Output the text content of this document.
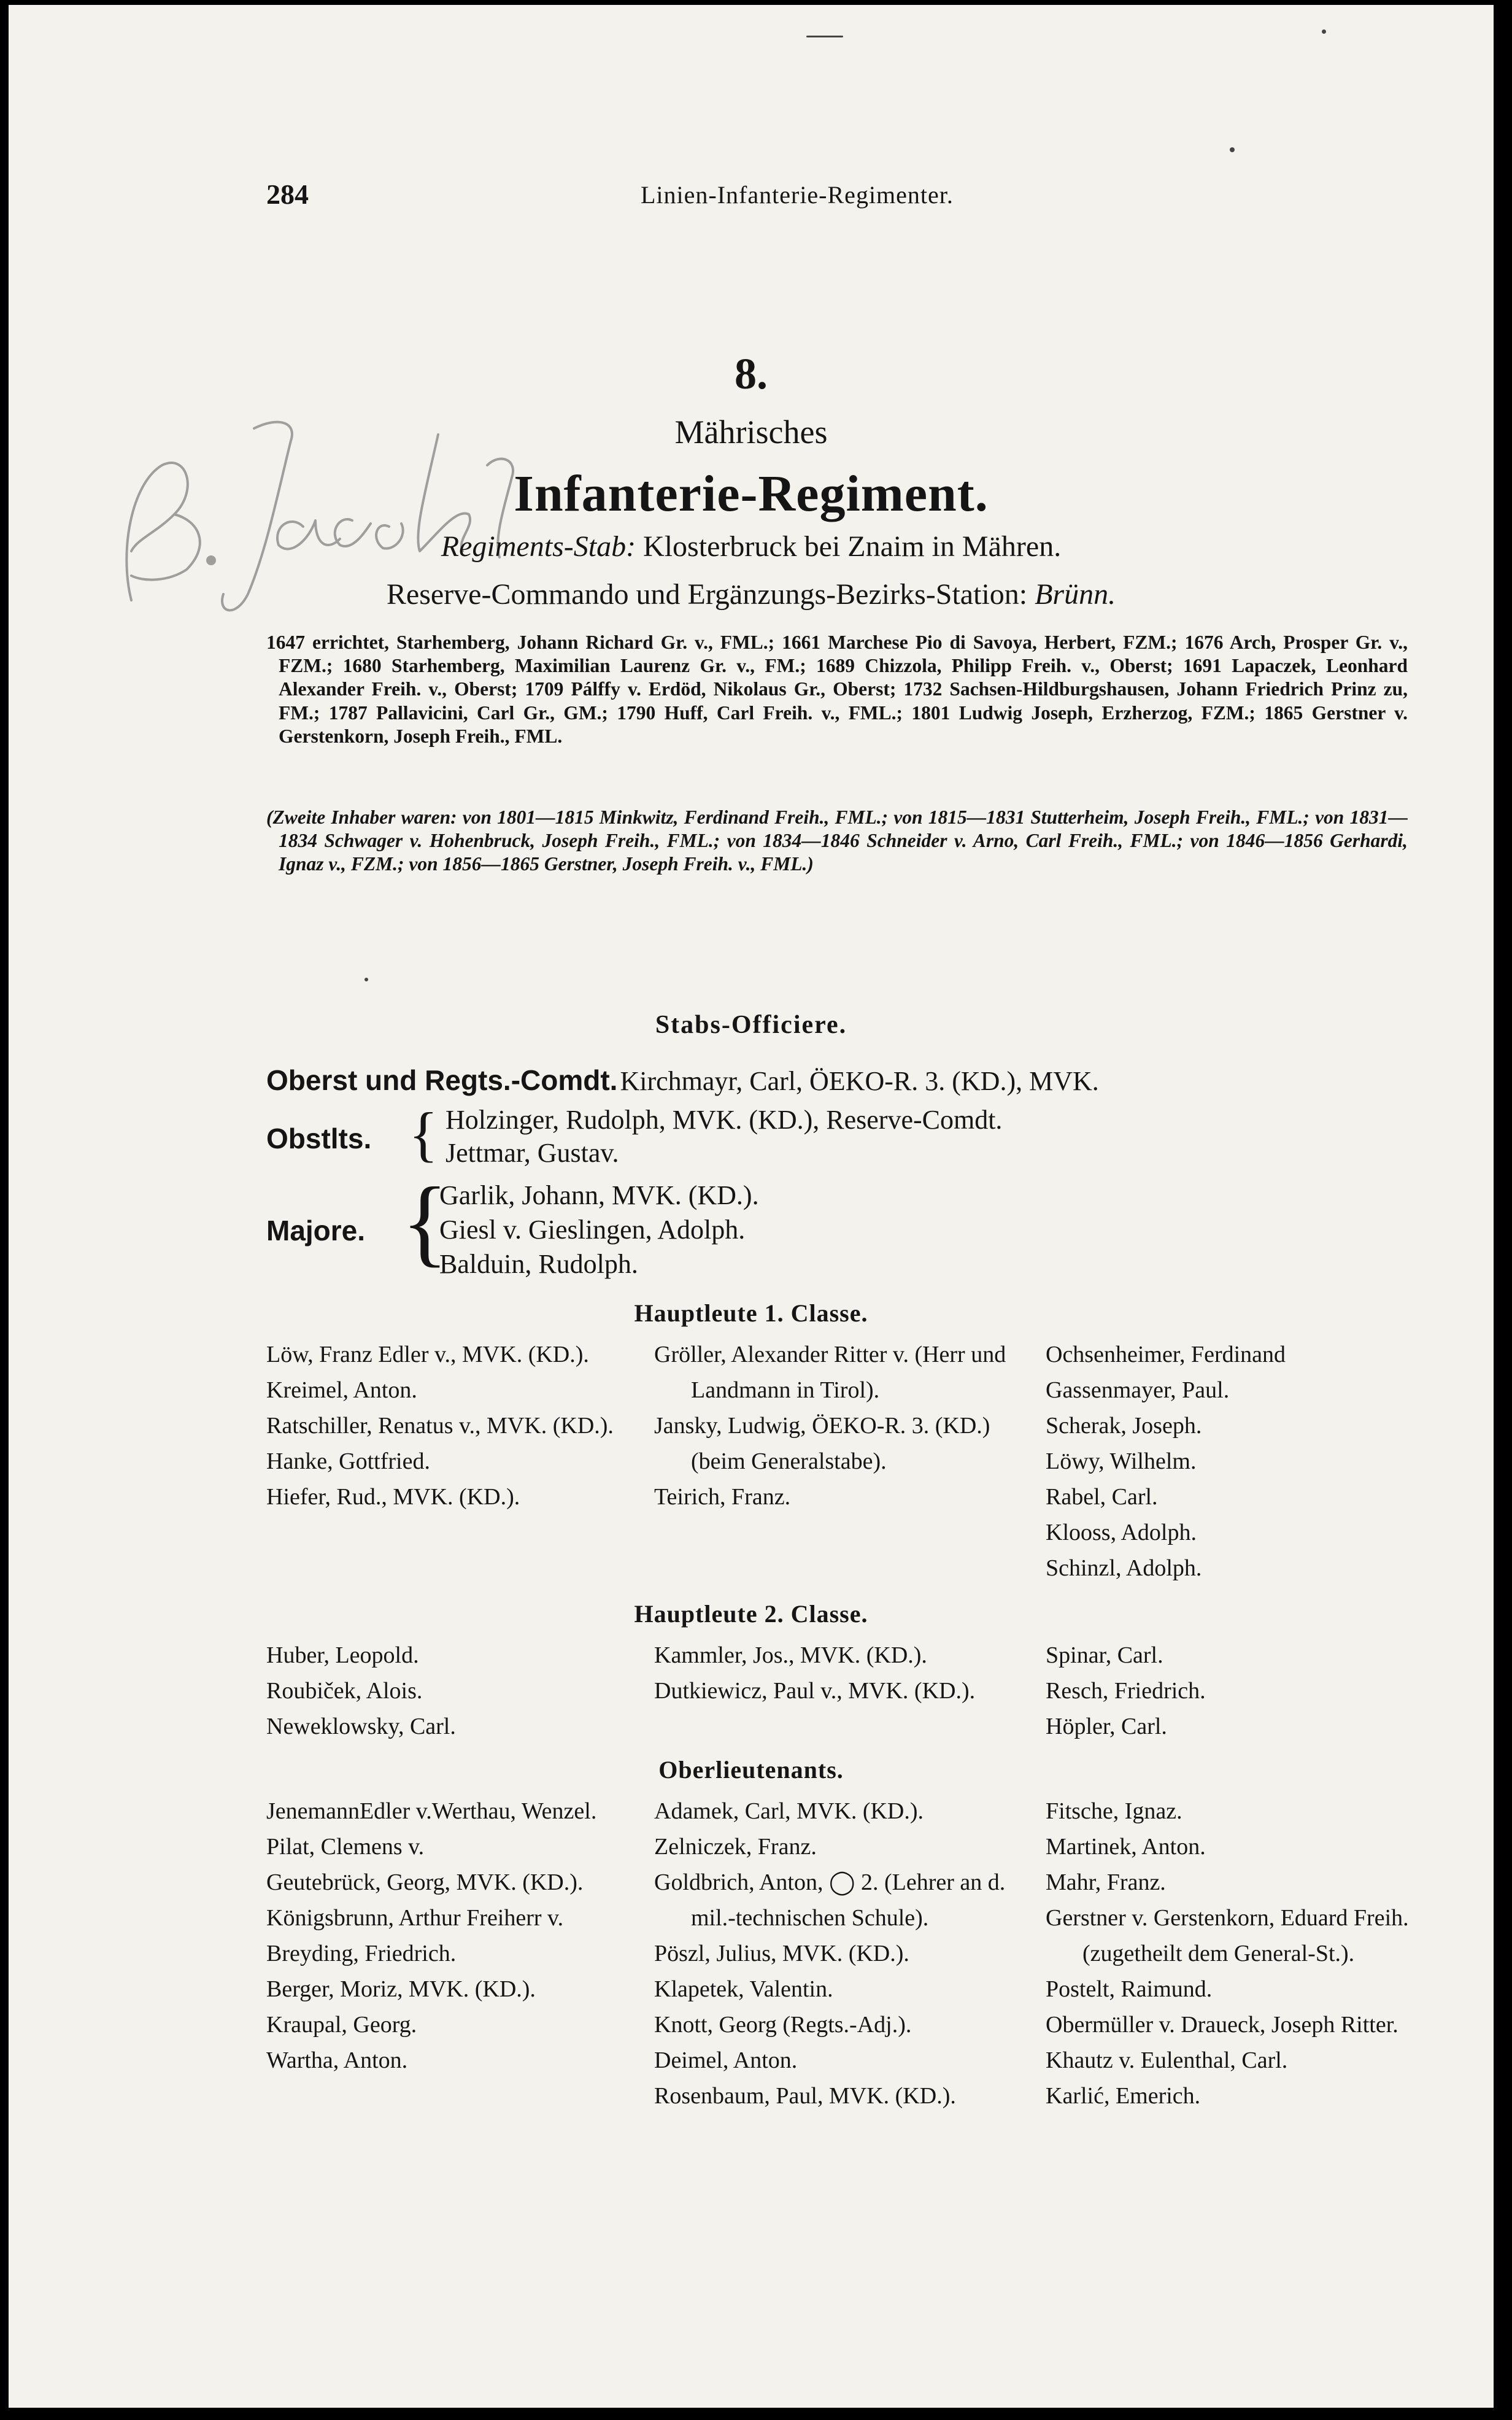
284	Linien-Infanterie-Regimenter.
8.
Mährisches
Infanterie-Regiment.
Regiments-Stab: Klosterbruck bei Znaim in Mähren.
Reserve-Commando und Ergänzungs-Bezirks-Station: Brünn.

1647 errichtet, Starhemberg, Johann Richard Gr. v., FML.; 1661 Marchese Pio di Savoya, Herbert, FZM.; 1676 Arch, Prosper Gr. v., FZM.; 1680 Starhemberg, Maximilian Laurenz Gr. v., FM.; 1689 Chizzola, Philipp Freih. v., Oberst; 1691 Lapaczek, Leonhard Alexander Freih. v., Oberst; 1709 Pálffy v. Erdöd, Nikolaus Gr., Oberst; 1732 Sachsen-Hildburgshausen, Johann Friedrich Prinz zu, FM.; 1787 Pallavicini, Carl Gr., GM.; 1790 Huff, Carl Freih. v., FML.; 1801 Ludwig Joseph, Erzherzog, FZM.; 1865 Gerstner v. Gerstenkorn, Joseph Freih., FML.

(Zweite Inhaber waren: von 1801—1815 Minkwitz, Ferdinand Freih., FML.; von 1815—1831 Stutterheim, Joseph Freih., FML.; von 1831—1834 Schwager v. Hohenbruck, Joseph Freih., FML.; von 1834—1846 Schneider v. Arno, Carl Freih., FML.; von 1846—1856 Gerhardi, Ignaz v., FZM.; von 1856—1865 Gerstner, Joseph Freih. v., FML.)

Stabs-Officiere.
Oberst und Regts.-Comdt. Kirchmayr, Carl, ÖEKO-R. 3. (KD.), MVK.
Obstlts. { Holzinger, Rudolph, MVK. (KD.), Reserve-Comdt.
Jettmar, Gustav.
Majore. {
Garlik, Johann, MVK. (KD.).
Giesl v. Gieslingen, Adolph.
Balduin, Rudolph.
Hauptleute 1. Classe.
Löw, Franz Edler v., MVK. (KD.).
Kreimel, Anton.
Ratschiller, Renatus v., MVK. (KD.).
Hanke, Gottfried.
Hiefer, Rud., MVK. (KD.).
Gröller, Alexander Ritter v. (Herr und Landmann in Tirol).
Jansky, Ludwig, ÖEKO-R. 3. (KD.) (beim Generalstabe).
Teirich, Franz.
Ochsenheimer, Ferdinand
Gassenmayer, Paul.
Scherak, Joseph.
Löwy, Wilhelm.
Rabel, Carl.
Klooss, Adolph.
Schinzl, Adolph.
Hauptleute 2. Classe.
Huber, Leopold.
Roubiček, Alois.
Neweklowsky, Carl.
Kammler, Jos., MVK. (KD.).
Dutkiewicz, Paul v., MVK. (KD.).
Spinar, Carl.
Resch, Friedrich.
Höpler, Carl.
Oberlieutenants.
JenemannEdler v.Werthau, Wenzel.
Pilat, Clemens v.
Geutebrück, Georg, MVK. (KD.).
Königsbrunn, Arthur Freiherr v.
Breyding, Friedrich.
Berger, Moriz, MVK. (KD.).
Kraupal, Georg.
Wartha, Anton.
Adamek, Carl, MVK. (KD.).
Zelniczek, Franz.
Goldbrich, Anton, ◯ 2. (Lehrer an d. mil.-technischen Schule).
Pöszl, Julius, MVK. (KD.).
Klapetek, Valentin.
Knott, Georg (Regts.-Adj.).
Deimel, Anton.
Rosenbaum, Paul, MVK. (KD.).
Fitsche, Ignaz.
Martinek, Anton.
Mahr, Franz.
Gerstner v. Gerstenkorn, Eduard Freih. (zugetheilt dem General-St.).
Postelt, Raimund.
Obermüller v. Draueck, Joseph Ritter.
Khautz v. Eulenthal, Carl.
Karlić, Emerich.
